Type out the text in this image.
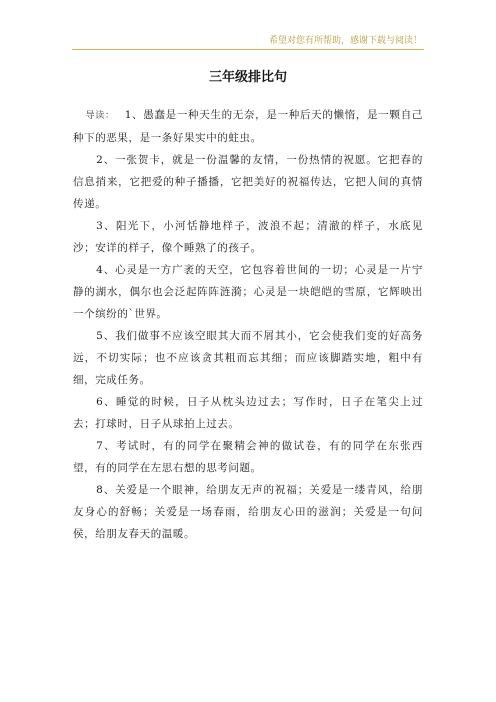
希望对您有所帮助，感谢下载与阅读！
三年级排比句

导读： 1、愚蠢是一种天生的无奈，是一种后天的懒惰，是一颗自己种下的恶果，是一条好果实中的蛀虫。

2、一张贺卡，就是一份温馨的友情，一份热情的祝愿。它把春的信息捎来，它把爱的种子播播，它把美好的祝福传达，它把人间的真情传递。

3、阳光下，小河恬静地样子，波浪不起；清澈的样子，水底见沙；安详的样子，像个睡熟了的孩子。

4、心灵是一方广袤的天空，它包容着世间的一切；心灵是一片宁静的湖水，偶尔也会泛起阵阵涟漪；心灵是一块皑皑的雪原，它辉映出一个缤纷的`世界。

5、我们做事不应该空眼其大而不屑其小，它会使我们变的好高务远，不切实际；也不应该贪其粗而忘其细；而应该脚踏实地，粗中有细，完成任务。

6、睡觉的时候，日子从枕头边过去；写作时，日子在笔尖上过去；打球时，日子从球拍上过去。

7、考试时，有的同学在聚精会神的做试卷，有的同学在东张西望，有的同学在左思右想的思考问题。

8、关爱是一个眼神，给朋友无声的祝福；关爱是一缕青风，给朋友身心的舒畅；关爱是一场春雨，给朋友心田的滋润；关爱是一句问侯，给朋友春天的温暖。
